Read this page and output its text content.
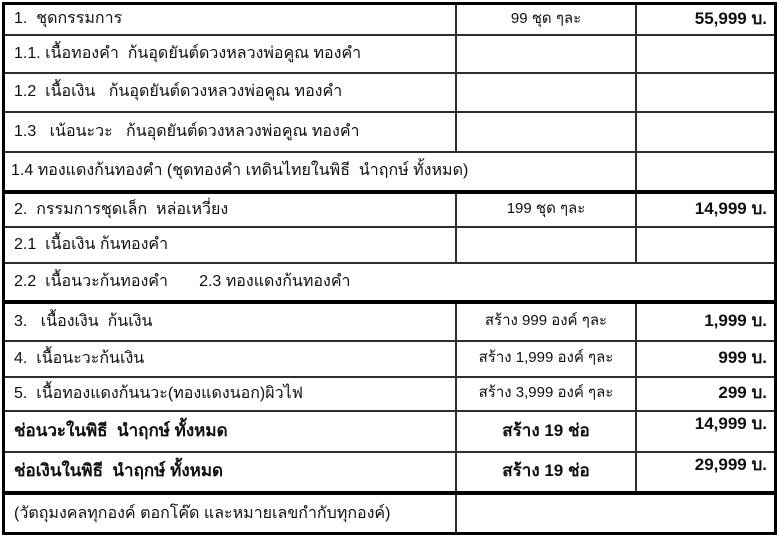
1.  ชุดกรรมการ	99 ชุด ๆละ	55,999 บ.
1.1. เนื้อทองคำ  ก้นอุดยันต์ดวงหลวงพ่อคูณ ทองคำ
1.2  เนื้อเงิน   ก้นอุดยันต์ดวงหลวงพ่อคูณ ทองคำ
1.3   เน้อนะวะ   ก้นอุดยันต์ดวงหลวงพ่อคูณ ทองคำ
1.4 ทองแดงก้นทองคำ (ชุดทองคำ เทดินไทยในพิธี  นำฤกษ์ ทั้งหมด)
2.  กรรมการชุดเล็ก  หล่อเหวี่ยง	199 ชุด ๆละ	14,999 บ.
2.1  เนื้อเงิน ก้นทองคำ
2.2  เนื้อนวะก้นทองคำ       2.3 ทองแดงก้นทองคำ
3.   เนื้องเงิน  ก้นเงิน	สร้าง 999 องค์ ๆละ	1,999 บ.
4.  เนื้อนะวะก้นเงิน	สร้าง 1,999 องค์ ๆละ	999 บ.
5.  เนื้อทองแดงก้นนวะ(ทองแดงนอก)ผิวไฟ	สร้าง 3,999 องค์ ๆละ	299 บ.
ช่อนวะในพิธี  นำฤกษ์ ทั้งหมด	สร้าง 19 ช่อ	14,999 บ.
ช่อเงินในพิธี  นำฤกษ์ ทั้งหมด	สร้าง 19 ช่อ	29,999 บ.
(วัตถุมงคลทุกองค์ ตอกโค๊ด และหมายเลขกำกับทุกองค์)
